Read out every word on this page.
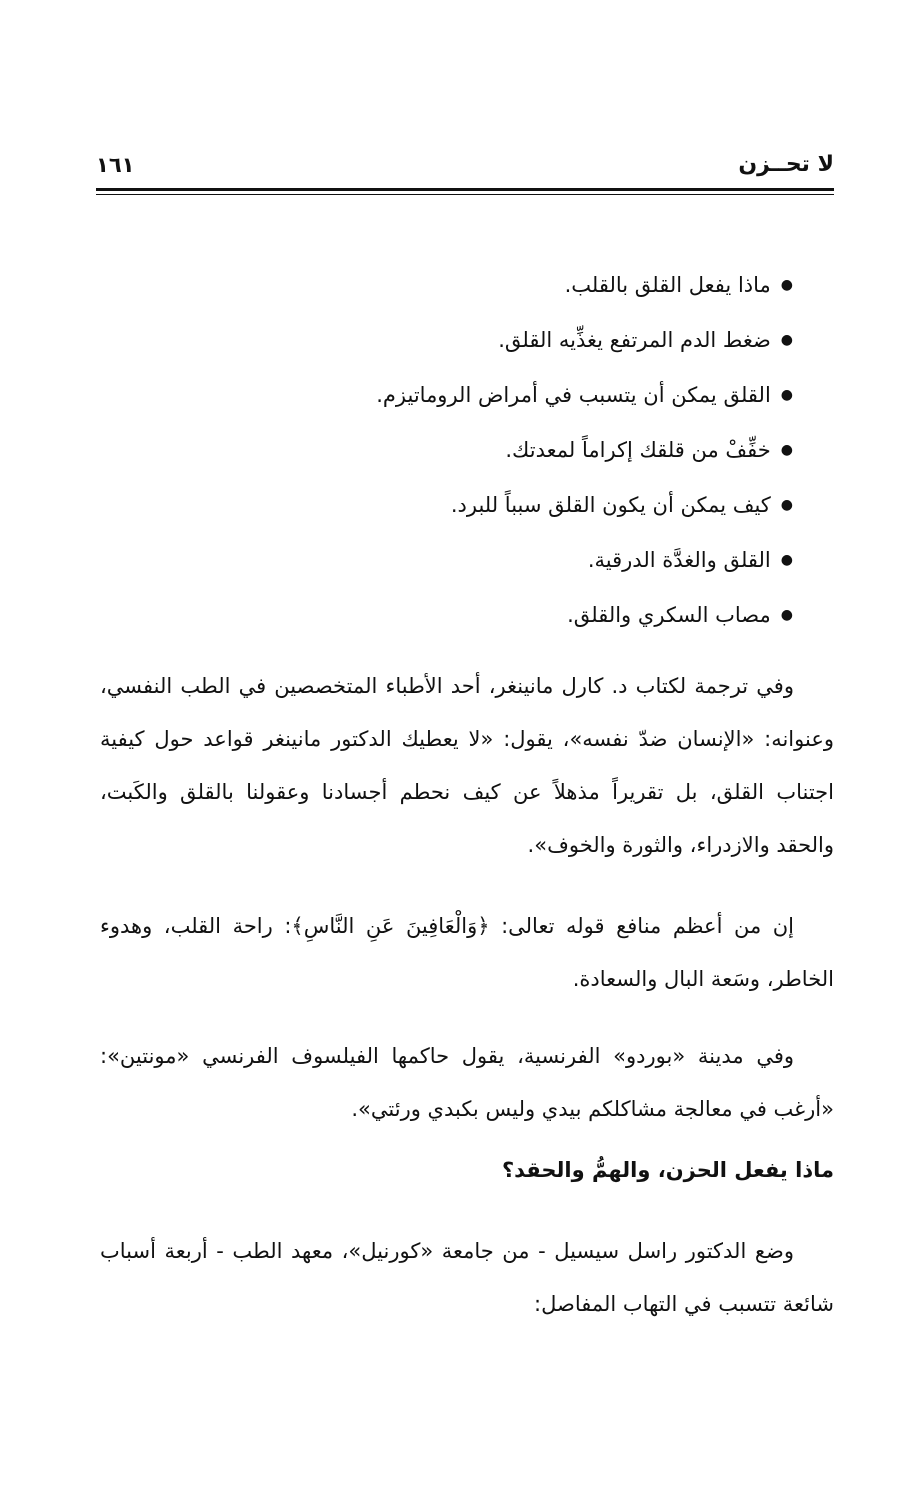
لا تحــزن
١٦١
●
ماذا يفعل القلق بالقلب.
●
ضغط الدم المرتفع يغذِّيه القلق.
●
القلق يمكن أن يتسبب في أمراض الروماتيزم.
●
خفِّفْ من قلقك إكراماً لمعدتك.
●
كيف يمكن أن يكون القلق سبباً للبرد.
●
القلق والغدَّة الدرقية.
●
مصاب السكري والقلق.

وفي ترجمة لكتاب د. كارل مانينغر، أحد الأطباء المتخصصين في الطب النفسي، وعنوانه: «الإنسان ضدّ نفسه»، يقول: «لا يعطيك الدكتور مانينغر قواعد حول كيفية اجتناب القلق، بل تقريراً مذهلاً عن كيف نحطم أجسادنا وعقولنا بالقلق والكَبت، والحقد والازدراء، والثورة والخوف».

إن من أعظم منافع قوله تعالى: ﴿وَالْعَافِينَ عَنِ النَّاسِ﴾: راحة القلب، وهدوء الخاطر، وسَعة البال والسعادة.

وفي مدينة «بوردو» الفرنسية، يقول حاكمها الفيلسوف الفرنسي «مونتين»: «أرغب في معالجة مشاكلكم بيدي وليس بكبدي ورئتي».

ماذا يفعل الحزن، والهمُّ والحقد؟

وضع الدكتور راسل سيسيل - من جامعة «كورنيل»، معهد الطب - أربعة أسباب شائعة تتسبب في التهاب المفاصل:
